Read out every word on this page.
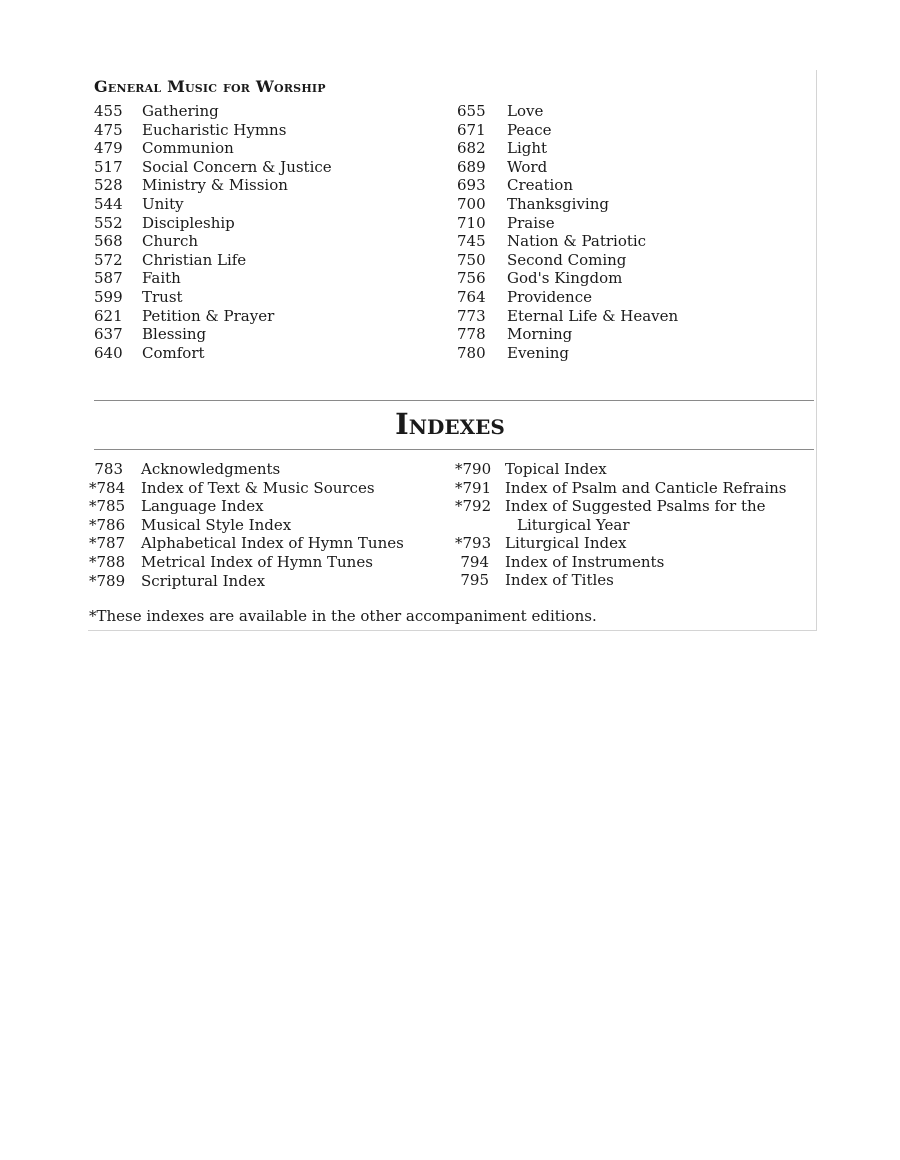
General Music for Worship
455	Gathering
475	Eucharistic Hymns
479	Communion
517	Social Concern & Justice
528	Ministry & Mission
544	Unity
552	Discipleship
568	Church
572	Christian Life
587	Faith
599	Trust
621	Petition & Prayer
637	Blessing
640	Comfort
655	Love
671	Peace
682	Light
689	Word
693	Creation
700	Thanksgiving
710	Praise
745	Nation & Patriotic
750	Second Coming
756	God's Kingdom
764	Providence
773	Eternal Life & Heaven
778	Morning
780	Evening
Indexes
783 Acknowledgments
*784 Index of Text & Music Sources
*785 Language Index
*786 Musical Style Index
*787 Alphabetical Index of Hymn Tunes
*788 Metrical Index of Hymn Tunes
*789 Scriptural Index
*790 Topical Index
*791 Index of Psalm and Canticle Refrains
*792 Index of Suggested Psalms for the
Liturgical Year
*793 Liturgical Index
794 Index of Instruments
795 Index of Titles

*These indexes are available in the other accompaniment editions.
